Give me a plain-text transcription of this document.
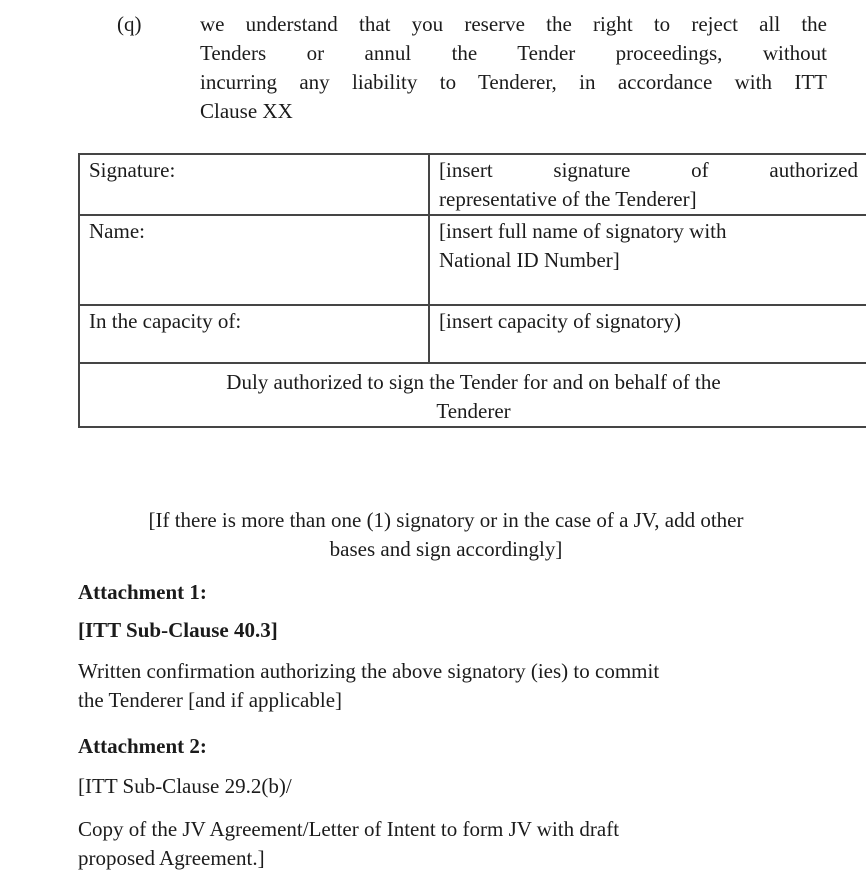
(q)	we understand that you reserve the right to reject all the
Tenders or annul the Tender proceedings, without
incurring any liability to Tenderer, in accordance with ITT
Clause XX
Signature:	[insert signature of authorized
representative of the Tenderer]

Name:	[insert full name of signatory with
National ID Number]

In the capacity of:	[insert capacity of signatory)

Duly authorized to sign the Tender for and on behalf of the
Tenderer	
[If there is more than one (1) signatory or in the case of a JV, add other
bases and sign accordingly]
Attachment 1:
[ITT Sub-Clause 40.3]
Written confirmation authorizing the above signatory (ies) to commit
the Tenderer [and if applicable]
Attachment 2:
[ITT Sub-Clause 29.2(b)/
Copy of the JV Agreement/Letter of Intent to form JV with draft
proposed Agreement.]
